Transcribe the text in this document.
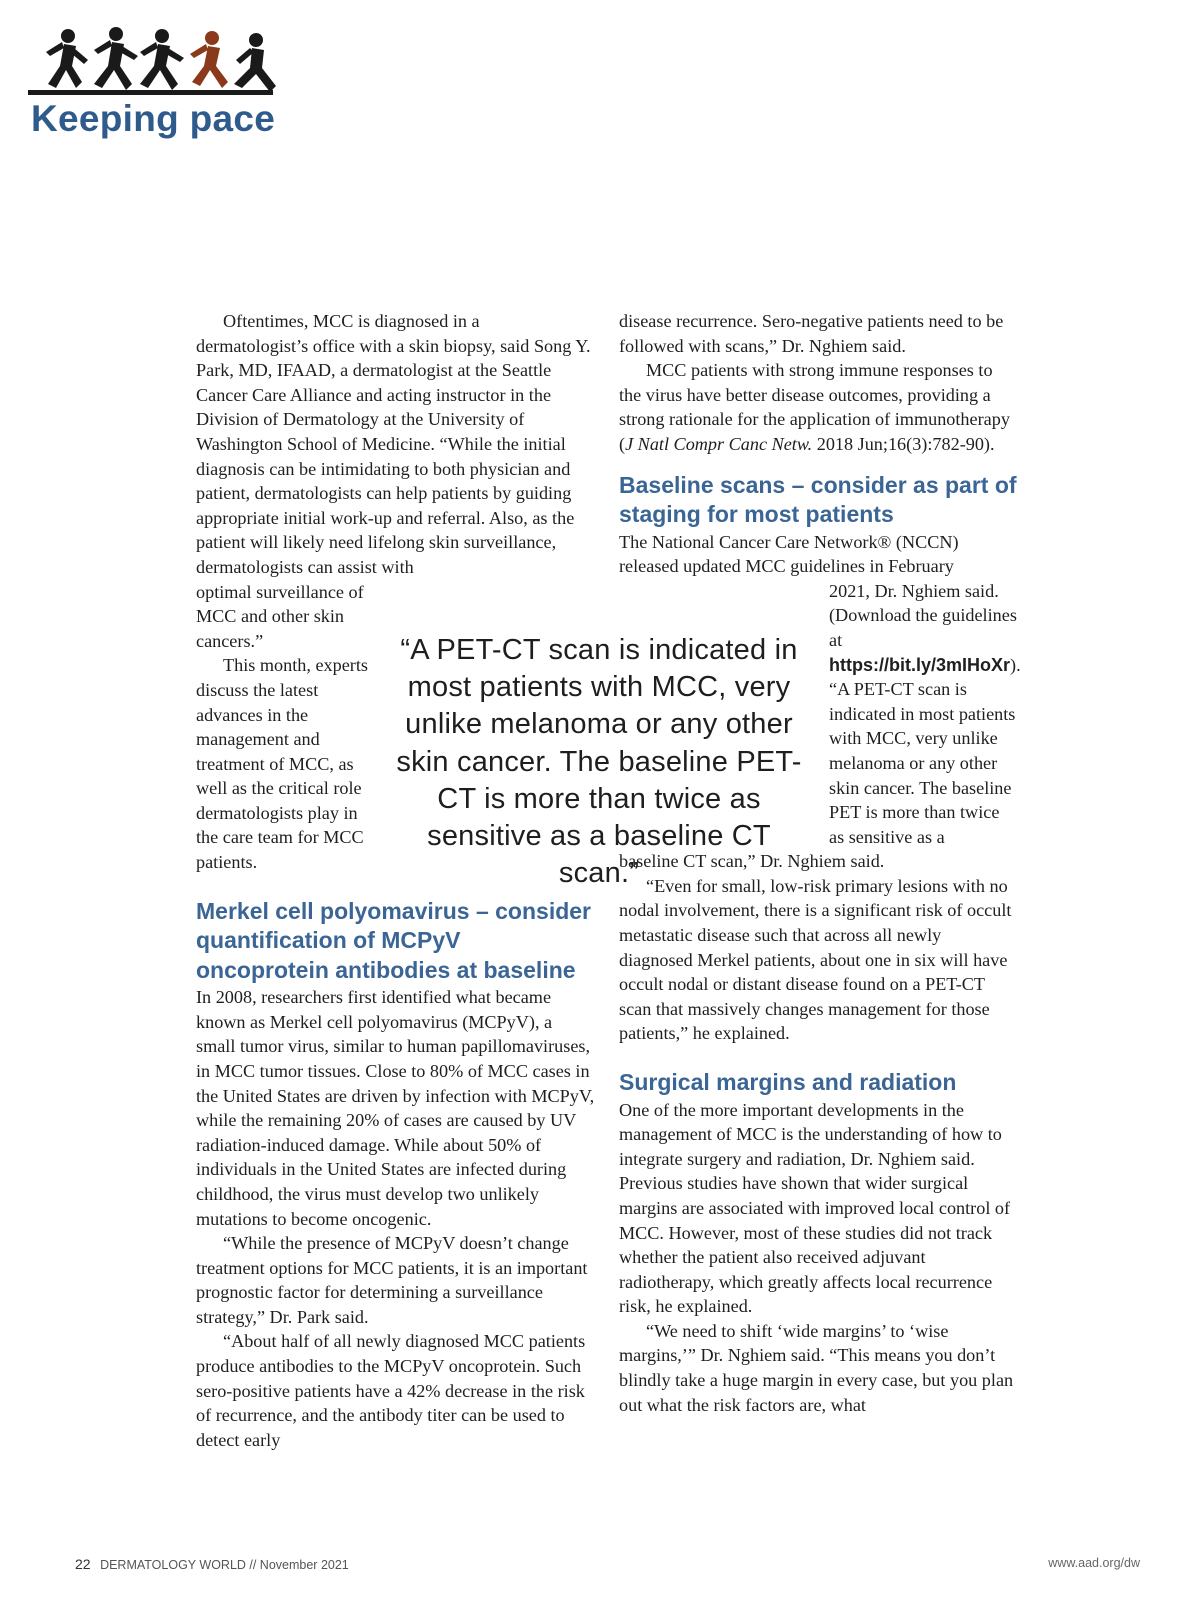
Keeping pace

Oftentimes, MCC is diagnosed in a dermatologist’s office with a skin biopsy, said Song Y. Park, MD, IFAAD, a dermatologist at the Seattle Cancer Care Alliance and acting instructor in the Division of Dermatology at the University of Washington School of Medicine. “While the initial diagnosis can be intimidating to both physician and patient, dermatologists can help patients by guiding appropriate initial work-up and referral. Also, as the patient will likely need lifelong skin surveillance, dermatologists can assist with

optimal surveillance of MCC and other skin cancers.”

This month, experts discuss the latest advances in the management and treatment of MCC, as well as the critical role dermatologists play in the care team for MCC patients.

Merkel cell polyomavirus – consider quantification of MCPyV oncoprotein antibodies at baseline

In 2008, researchers first identified what became known as Merkel cell polyomavirus (MCPyV), a small tumor virus, similar to human papillomaviruses, in MCC tumor tissues. Close to 80% of MCC cases in the United States are driven by infection with MCPyV, while the remaining 20% of cases are caused by UV radiation-induced damage. While about 50% of individuals in the United States are infected during childhood, the virus must develop two unlikely mutations to become oncogenic.

“While the presence of MCPyV doesn’t change treatment options for MCC patients, it is an important prognostic factor for determining a surveillance strategy,” Dr. Park said.

“About half of all newly diagnosed MCC patients produce antibodies to the MCPyV oncoprotein. Such sero-positive patients have a 42% decrease in the risk of recurrence, and the antibody titer can be used to detect early

disease recurrence. Sero-negative patients need to be followed with scans,” Dr. Nghiem said.

MCC patients with strong immune responses to the virus have better disease outcomes, providing a strong rationale for the application of immunotherapy (J Natl Compr Canc Netw. 2018 Jun;16(3):782-90).

Baseline scans – consider as part of staging for most patients

The National Cancer Care Network® (NCCN) released updated MCC guidelines in February

2021, Dr. Nghiem said. (Download the guidelines at https://bit.ly/3mIHoXr). “A PET-CT scan is indicated in most patients with MCC, very unlike melanoma or any other skin cancer. The baseline PET is more than twice as sensitive as a

baseline CT scan,” Dr. Nghiem said.

“Even for small, low-risk primary lesions with no nodal involvement, there is a significant risk of occult metastatic disease such that across all newly diagnosed Merkel patients, about one in six will have occult nodal or distant disease found on a PET-CT scan that massively changes management for those patients,” he explained.

Surgical margins and radiation

One of the more important developments in the management of MCC is the understanding of how to integrate surgery and radiation, Dr. Nghiem said. Previous studies have shown that wider surgical margins are associated with improved local control of MCC. However, most of these studies did not track whether the patient also received adjuvant radiotherapy, which greatly affects local recurrence risk, he explained.

“We need to shift ‘wide margins’ to ‘wise margins,’” Dr. Nghiem said. “This means you don’t blindly take a huge margin in every case, but you plan out what the risk factors are, what

“A PET-CT scan is indicated in most patients with MCC, very unlike melanoma or any other skin cancer. The baseline PET-CT is more than twice as sensitive as a baseline CT scan.”

22 DERMATOLOGY WORLD // November 2021	www.aad.org/dw
